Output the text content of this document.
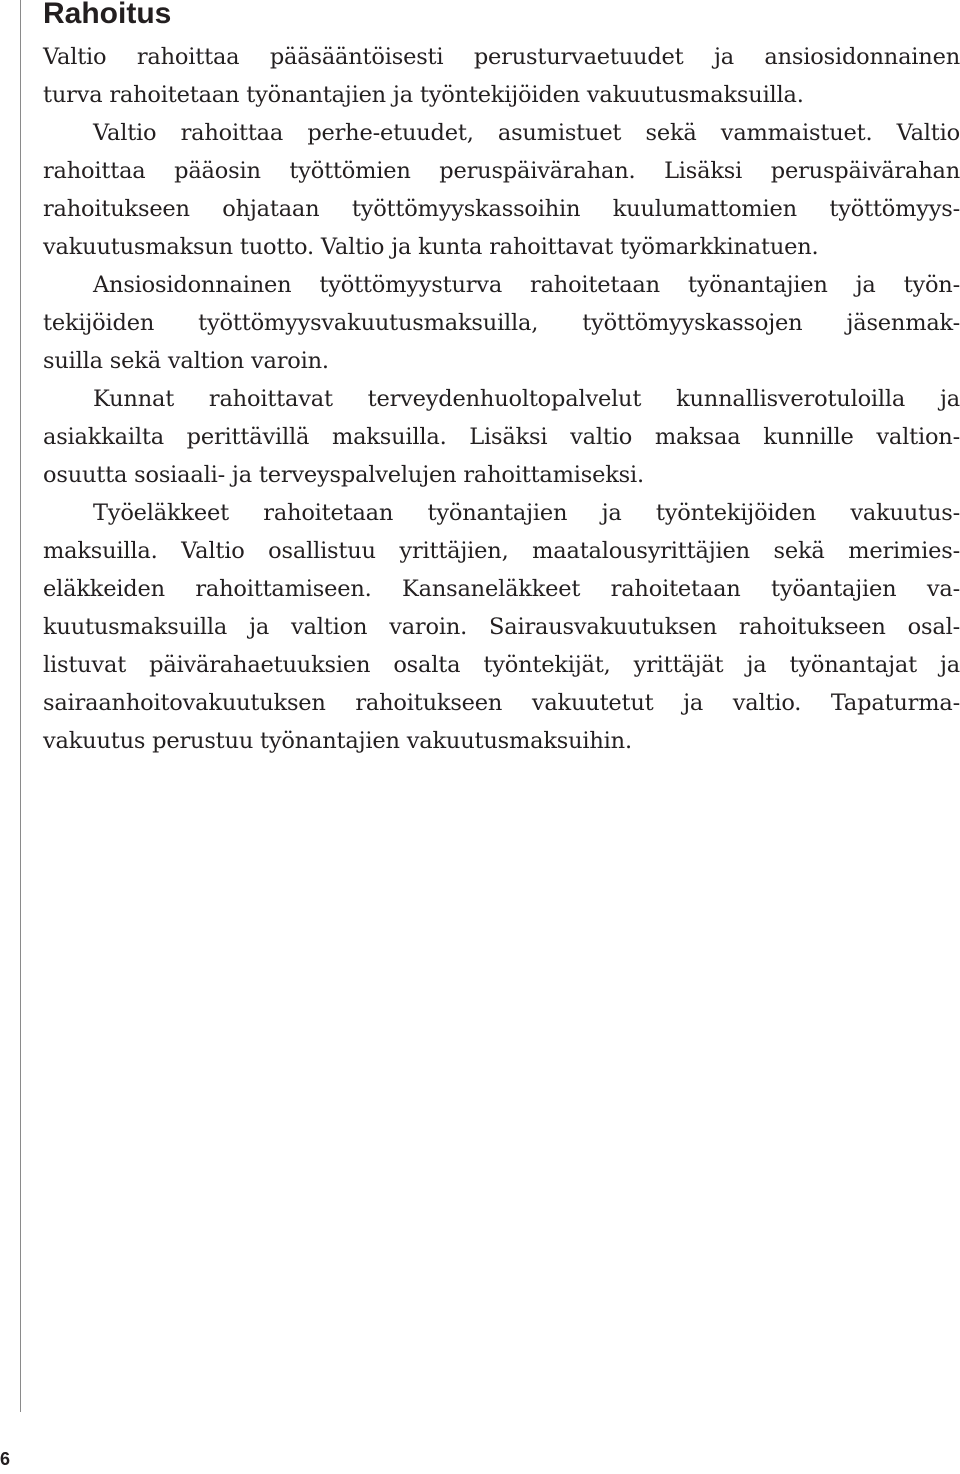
Rahoitus

Valtio rahoittaa pääsääntöisesti perusturvaetuudet ja ansiosidonnainen
turva rahoitetaan työnantajien ja työntekijöiden vakuutusmaksuilla.

Valtio rahoittaa perhe-etuudet, asumistuet sekä vammaistuet. Valtio
rahoittaa pääosin työttömien peruspäivärahan. Lisäksi peruspäivärahan
rahoitukseen ohjataan työttömyyskassoihin kuulumattomien työttömyys-
vakuutusmaksun tuotto. Valtio ja kunta rahoittavat työmarkkinatuen.

Ansiosidonnainen työttömyysturva rahoitetaan työnantajien ja työn-
tekijöiden työttömyysvakuutusmaksuilla, työttömyyskassojen jäsenmak-
suilla sekä valtion varoin.

Kunnat rahoittavat terveydenhuoltopalvelut kunnallisverotuloilla ja
asiakkailta perittävillä maksuilla. Lisäksi valtio maksaa kunnille valtion-
osuutta sosiaali- ja terveyspalvelujen rahoittamiseksi.

Työeläkkeet rahoitetaan työnantajien ja työntekijöiden vakuutus-
maksuilla. Valtio osallistuu yrittäjien, maatalousyrittäjien sekä merimies-
eläkkeiden rahoittamiseen. Kansaneläkkeet rahoitetaan työantajien va-
kuutusmaksuilla ja valtion varoin. Sairausvakuutuksen rahoitukseen osal-
listuvat päivärahaetuuksien osalta työntekijät, yrittäjät ja työnantajat ja
sairaanhoitovakuutuksen rahoitukseen vakuutetut ja valtio. Tapaturma-
vakuutus perustuu työnantajien vakuutusmaksuihin.

6
